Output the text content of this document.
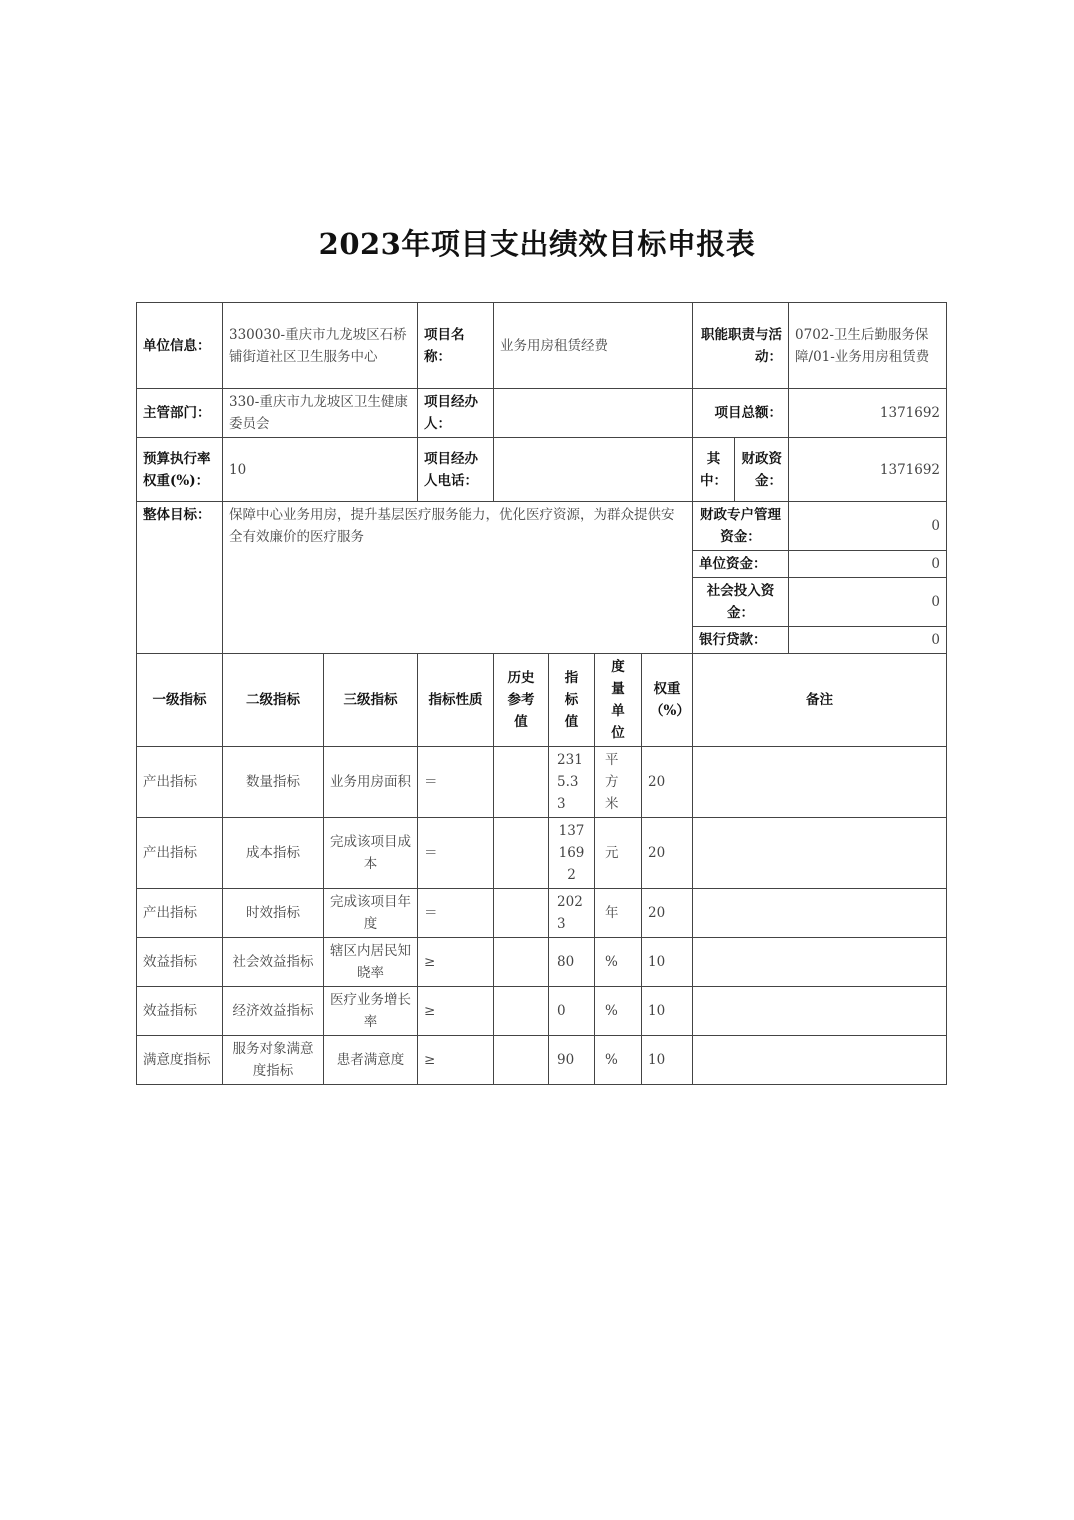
2023年项目支出绩效目标申报表
单位信息：	330030-重庆市九龙坡区石桥铺街道社区卫生服务中心		项目名称：	业务用房租赁经费				职能职责与活动：		0702-卫生后勤服务保障/01-业务用房租赁费
主管部门：	330-重庆市九龙坡区卫生健康委员会		项目经办人：					项目总额：		1371692
预算执行率权重(%)：	10		项目经办人电话：					其中：	财政资金：	1371692
整体目标：	保障中心业务用房，提升基层医疗服务能力，优化医疗资源，为群众提供安全有效廉价的医疗服务							财政专户管理资金：		0
								单位资金：		0
								社会投入资金：		0
								银行贷款：		0
一级指标	二级指标	三级指标	指标性质	历史参考值	指标值	度量单位	权重（%）	备注		
产出指标	数量指标	业务用房面积	＝		2315.33	平方米	20			
产出指标	成本指标	完成该项目成本	＝		1371692	元	20			
产出指标	时效指标	完成该项目年度	＝		2023	年	20			
效益指标	社会效益指标	辖区内居民知晓率	≥		80	%	10			
效益指标	经济效益指标	医疗业务增长率	≥		0	%	10			
满意度指标	服务对象满意度指标	患者满意度	≥		90	%	10			
